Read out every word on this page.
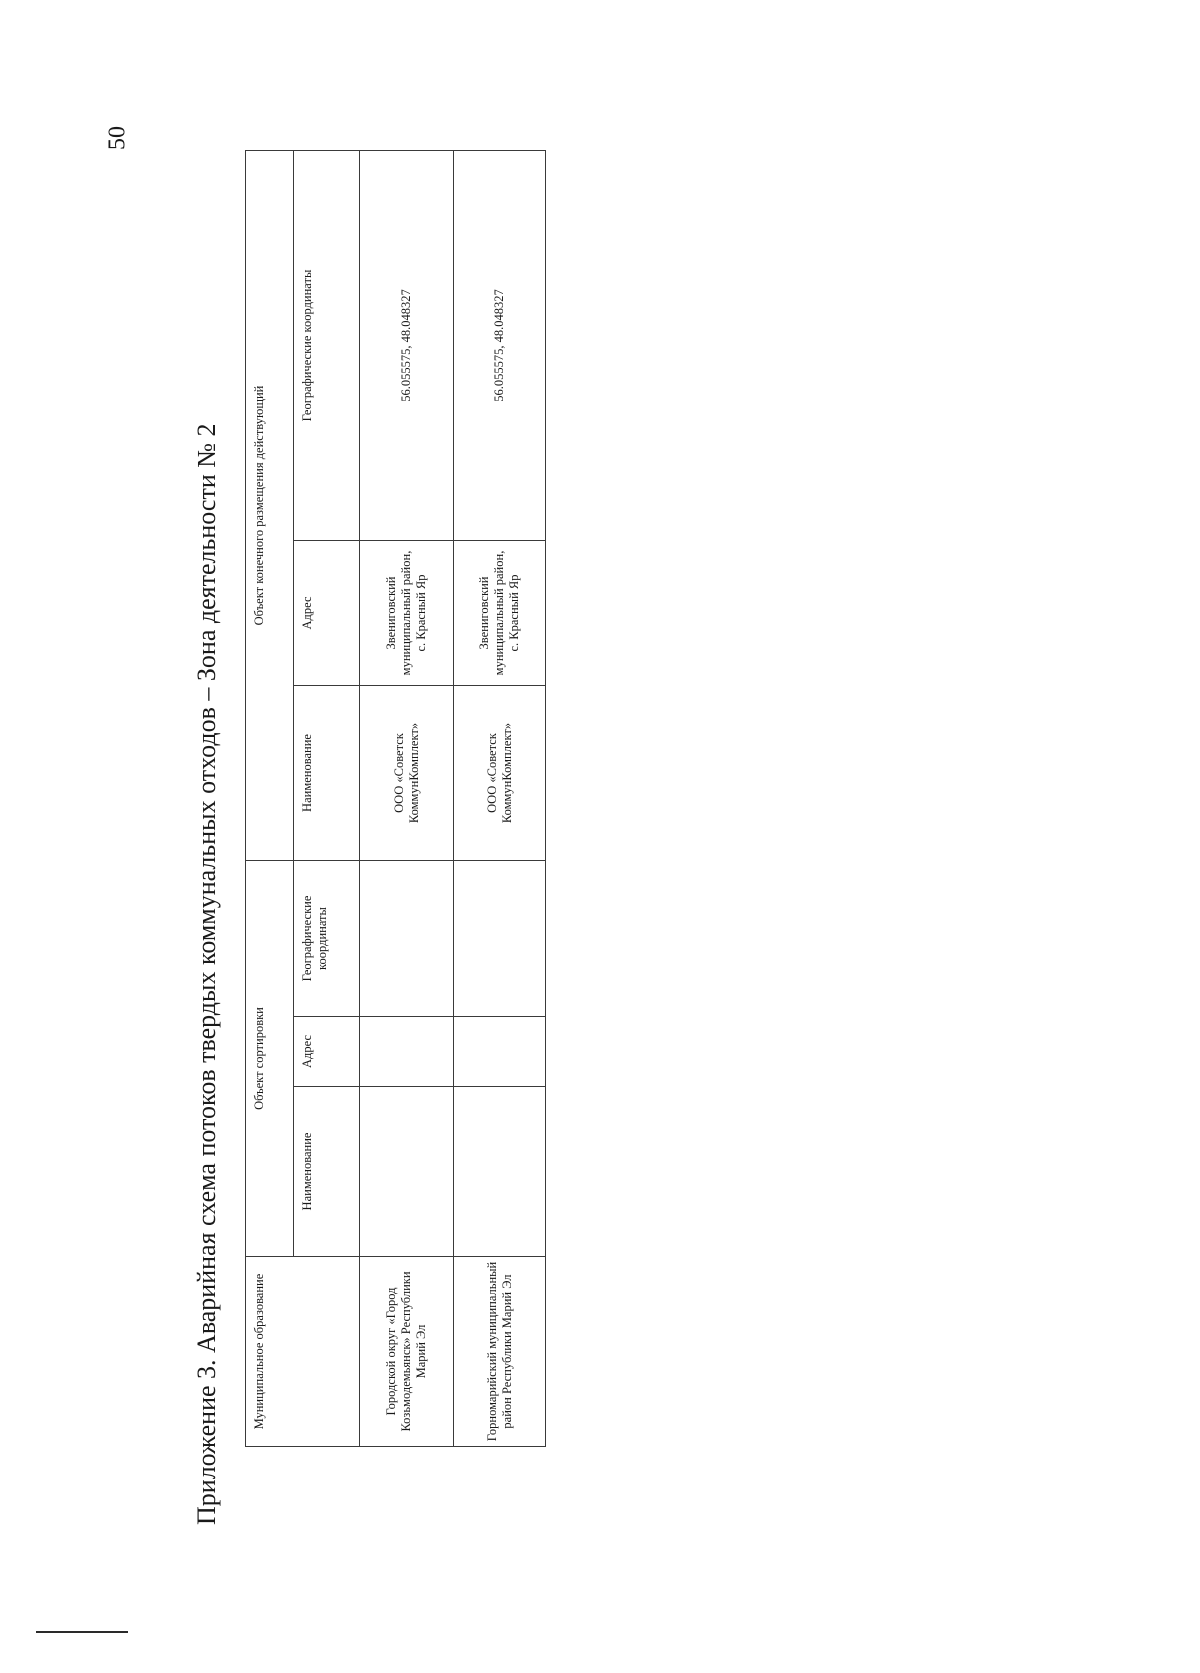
50
Приложение 3. Аварийная схема потоков твердых коммунальных отходов – Зона деятельности № 2	Муниципальное образование	Объект сортировки			Объект конечного размещения действующий		
	Наименование	Адрес	Географические координаты	Наименование	Адрес	Географические координаты
Городской округ «Город Козьмодемьянск» Республики Марий Эл				ООО «Советск КоммунКомплект»	Звениговский муниципальный район, с. Красный Яр	56.055575, 48.048327
Горномарийский муниципальный район Республики Марий Эл				ООО «Советск КоммунКомплект»	Звениговский муниципальный район, с. Красный Яр	56.055575, 48.048327
